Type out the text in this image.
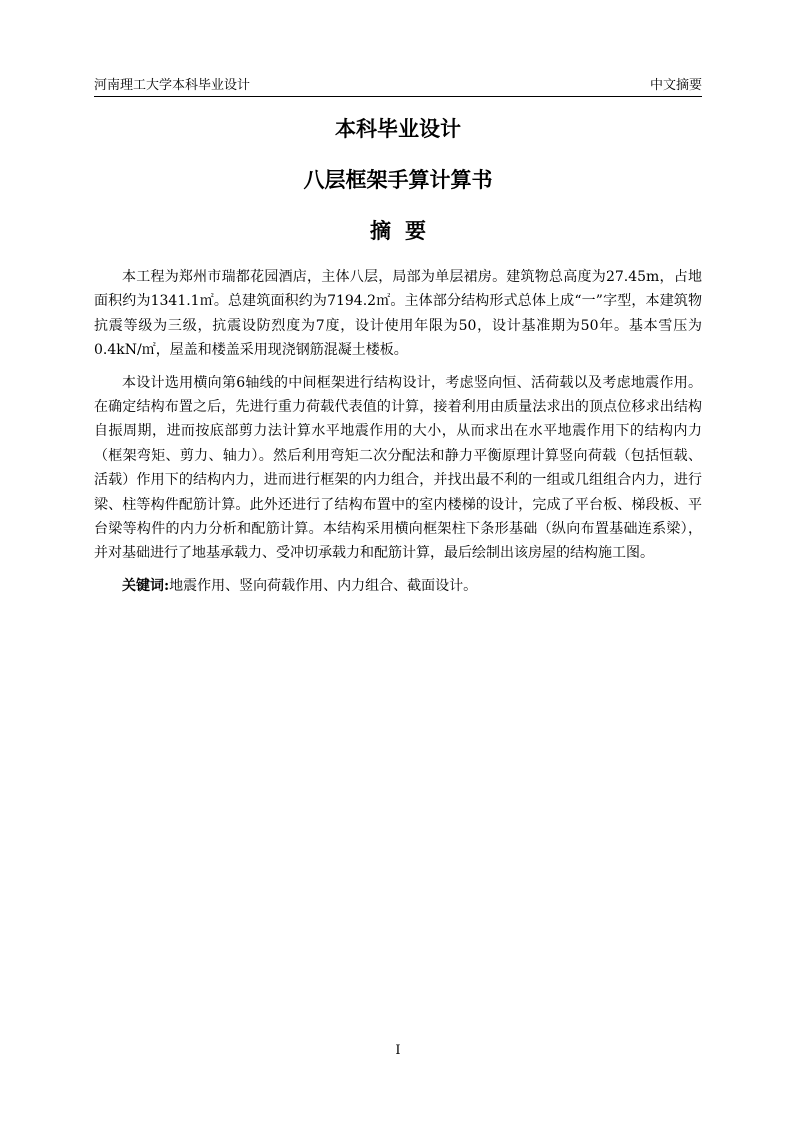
河南理工大学本科毕业设计	中文摘要
本科毕业设计
八层框架手算计算书
摘要

本工程为郑州市瑞都花园酒店，主体八层，局部为单层裙房。建筑物总高度为27.45m，占地面积约为1341.1㎡。总建筑面积约为7194.2㎡。主体部分结构形式总体上成“一”字型，本建筑物抗震等级为三级，抗震设防烈度为7度，设计使用年限为50，设计基准期为50年。基本雪压为0.4kN/㎡，屋盖和楼盖采用现浇钢筋混凝土楼板。

本设计选用横向第6轴线的中间框架进行结构设计，考虑竖向恒、活荷载以及考虑地震作用。在确定结构布置之后，先进行重力荷载代表值的计算，接着利用由质量法求出的顶点位移求出结构自振周期，进而按底部剪力法计算水平地震作用的大小，从而求出在水平地震作用下的结构内力（框架弯矩、剪力、轴力）。然后利用弯矩二次分配法和静力平衡原理计算竖向荷载（包括恒载、活载）作用下的结构内力，进而进行框架的内力组合，并找出最不利的一组或几组组合内力，进行梁、柱等构件配筋计算。此外还进行了结构布置中的室内楼梯的设计，完成了平台板、梯段板、平台梁等构件的内力分析和配筋计算。本结构采用横向框架柱下条形基础（纵向布置基础连系梁），并对基础进行了地基承载力、受冲切承载力和配筋计算，最后绘制出该房屋的结构施工图。

关键词:地震作用、竖向荷载作用、内力组合、截面设计。

I
